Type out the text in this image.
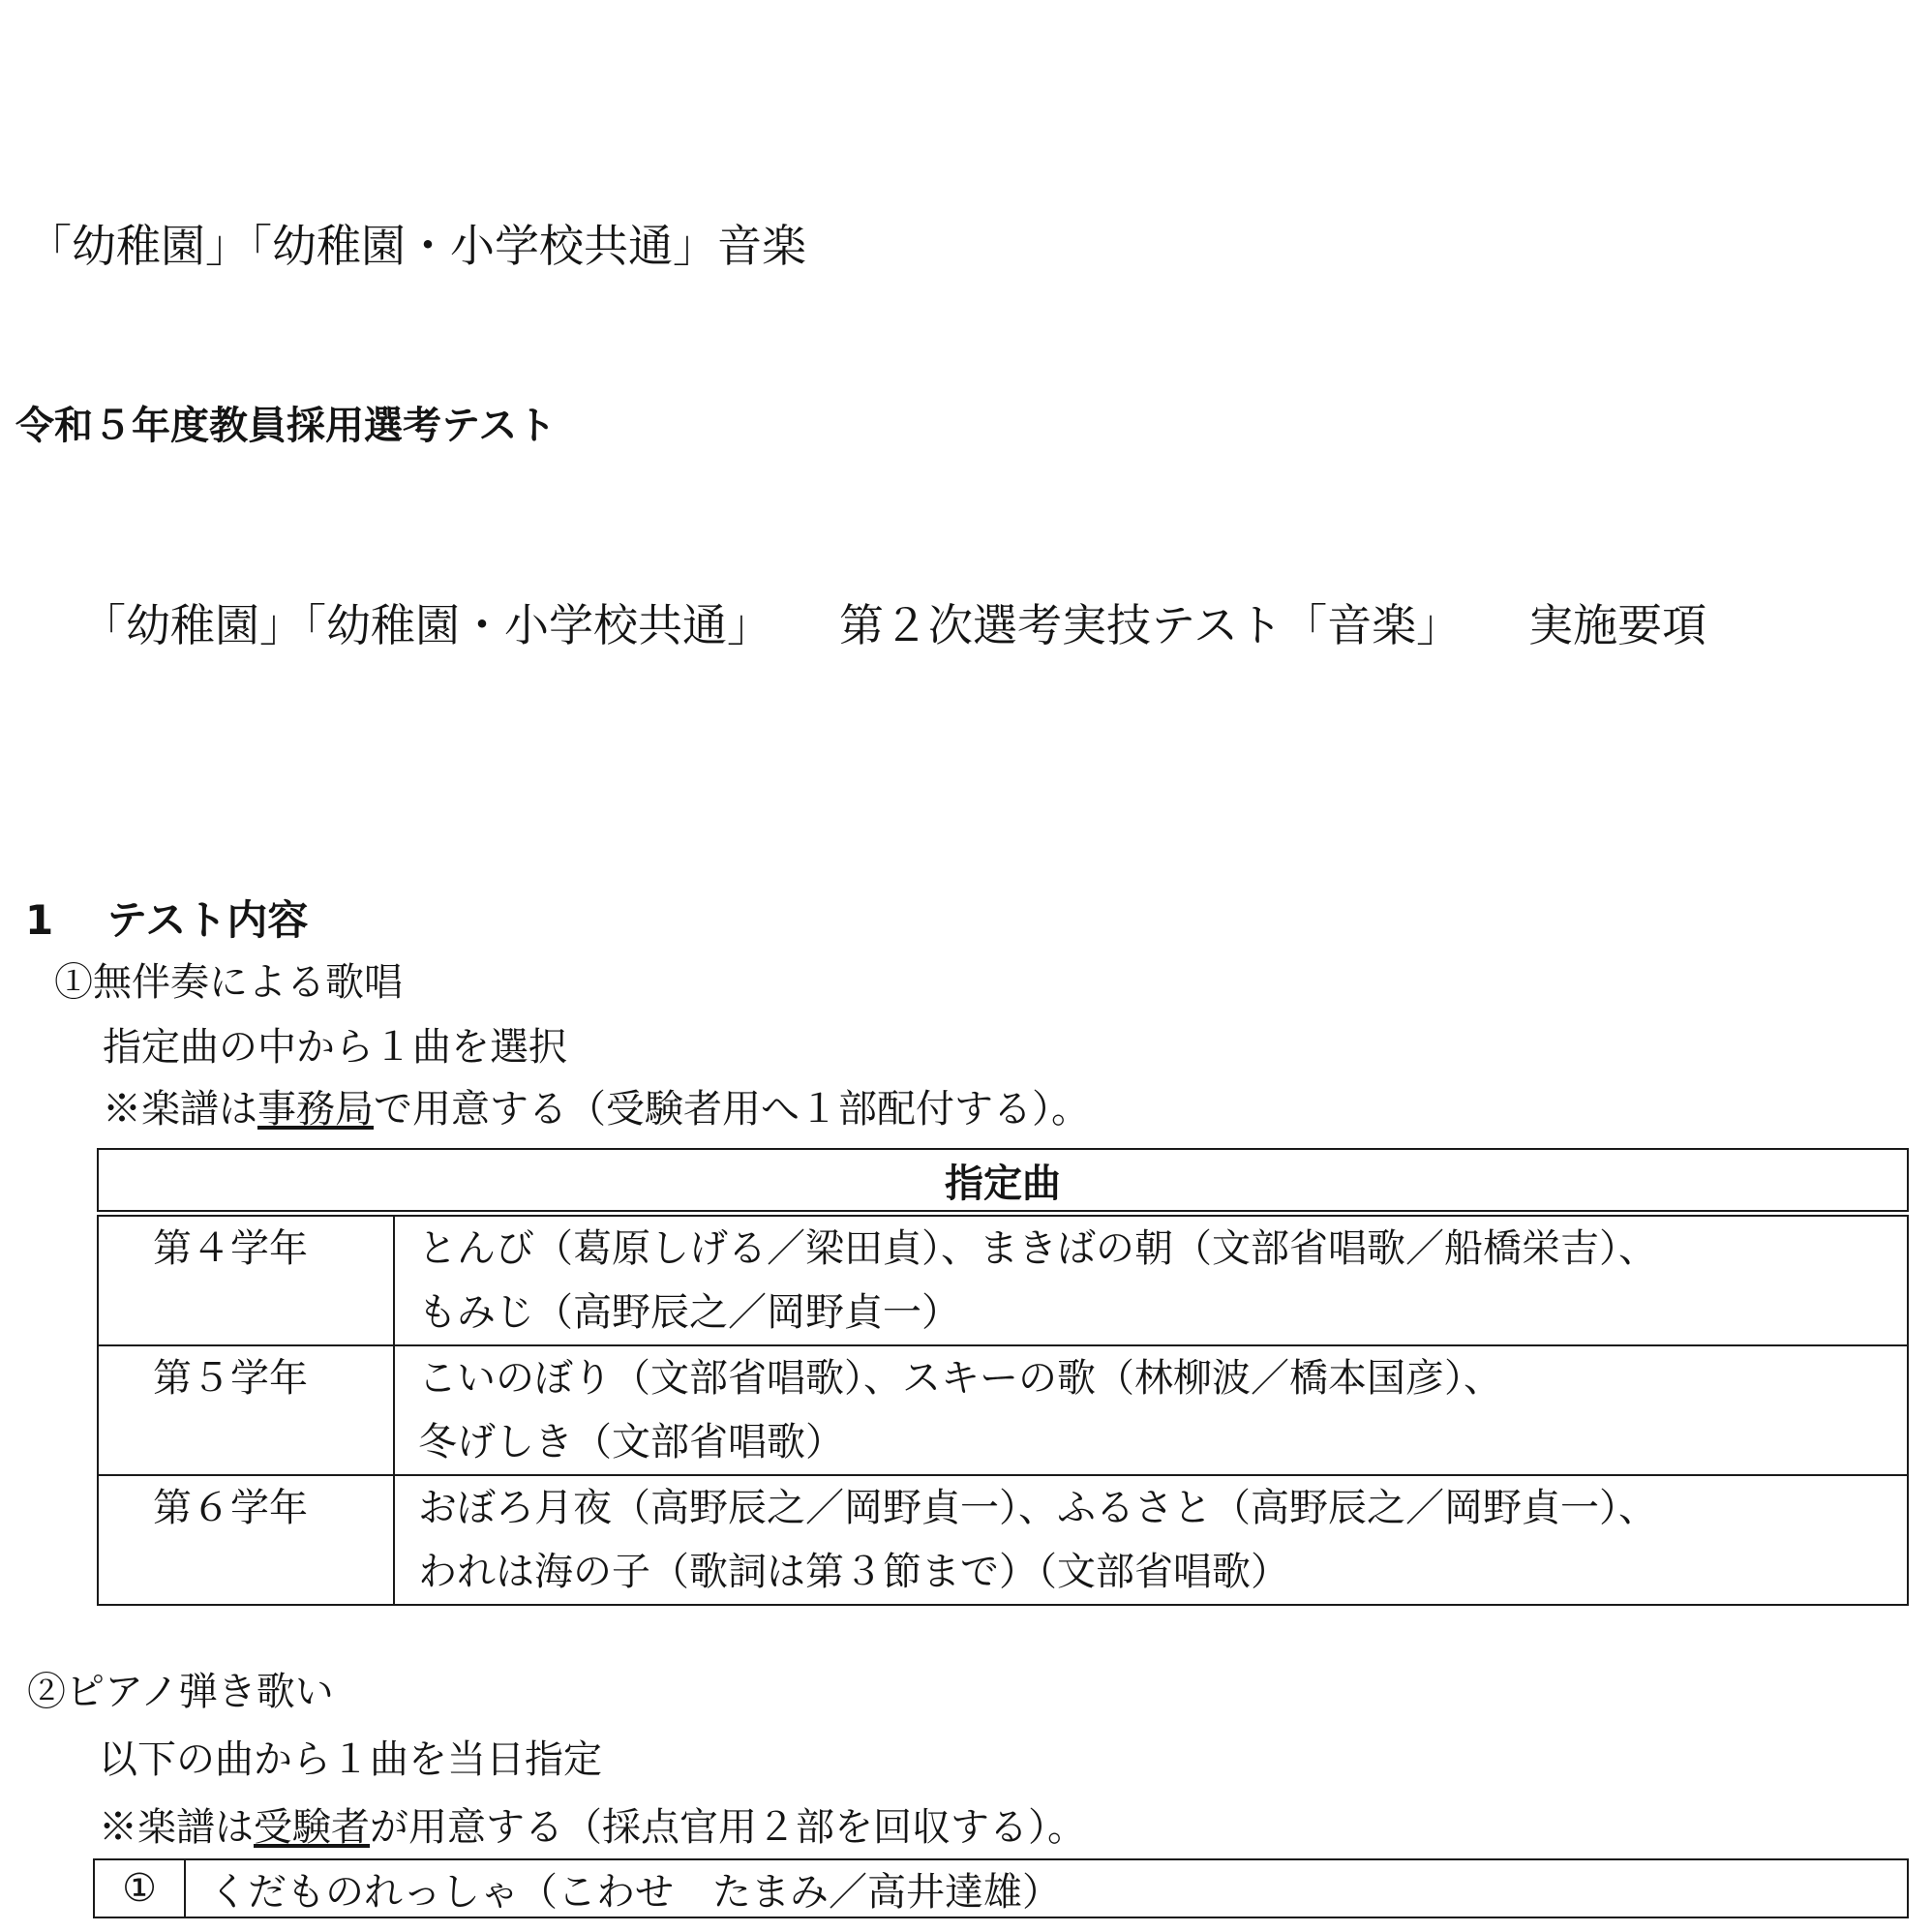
「幼稚園」「幼稚園・小学校共通」音楽
令和５年度教員採用選考テスト
「幼稚園」「幼稚園・小学校共通」 第２次選考実技テスト「音楽」 実施要項
1 テスト内容
①無伴奏による歌唱
指定曲の中から１曲を選択
※楽譜は事務局で用意する（受験者用へ１部配付する）。
指定曲	
第４学年	とんび（葛原しげる／梁田貞）、まきばの朝（文部省唱歌／船橋栄吉）、
もみじ（高野辰之／岡野貞一）

第５学年	こいのぼり（文部省唱歌）、スキーの歌（林柳波／橋本国彦）、
冬げしき（文部省唱歌）

第６学年	おぼろ月夜（高野辰之／岡野貞一）、ふるさと（高野辰之／岡野貞一）、
われは海の子（歌詞は第３節まで）（文部省唱歌）
②ピアノ弾き歌い
以下の曲から１曲を当日指定
※楽譜は受験者が用意する（採点官用２部を回収する）。
①	くだものれっしゃ（こわせ　たまみ／高井達雄）
